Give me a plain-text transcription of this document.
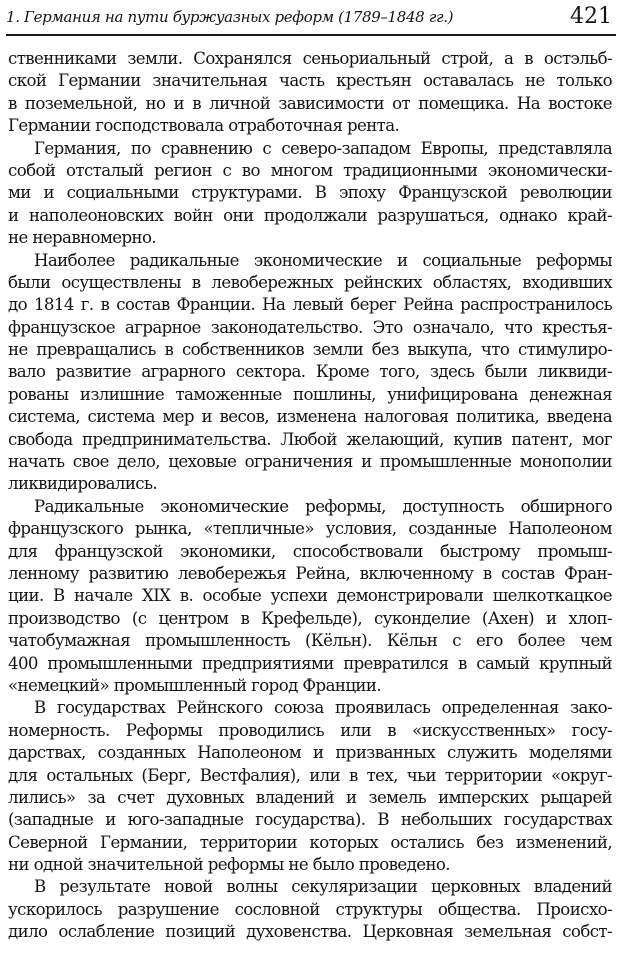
1. Германия на пути буржуазных реформ (1789–1848 гг.)	421
ственниками земли. Сохранялся сеньориальный строй, а в остэльб-
ской Германии значительная часть крестьян оставалась не только
в поземельной, но и в личной зависимости от помещика. На востоке
Германии господствовала отработочная рента.
Германия, по сравнению с северо-западом Европы, представляла
собой отсталый регион с во многом традиционными экономически-
ми и социальными структурами. В эпоху Французской революции
и наполеоновских войн они продолжали разрушаться, однако край-
не неравномерно.
Наиболее радикальные экономические и социальные реформы
были осуществлены в левобережных рейнских областях, входивших
до 1814 г. в состав Франции. На левый берег Рейна распространилось
французское аграрное законодательство. Это означало, что крестья-
не превращались в собственников земли без выкупа, что стимулиро-
вало развитие аграрного сектора. Кроме того, здесь были ликвиди-
рованы излишние таможенные пошлины, унифицирована денежная
система, система мер и весов, изменена налоговая политика, введена
свобода предпринимательства. Любой желающий, купив патент, мог
начать свое дело, цеховые ограничения и промышленные монополии
ликвидировались.
Радикальные экономические реформы, доступность обширного
французского рынка, «тепличные» условия, созданные Наполеоном
для французской экономики, способствовали быстрому промыш-
ленному развитию левобережья Рейна, включенному в состав Фран-
ции. В начале XIX в. особые успехи демонстрировали шелкоткацкое
производство (с центром в Крефельде), суконделие (Ахен) и хлоп-
чатобумажная промышленность (Кёльн). Кёльн с его более чем
400 промышленными предприятиями превратился в самый крупный
«немецкий» промышленный город Франции.
В государствах Рейнского союза проявилась определенная зако-
номерность. Реформы проводились или в «искусственных» госу-
дарствах, созданных Наполеоном и призванных служить моделями
для остальных (Берг, Вестфалия), или в тех, чьи территории «округ-
лились» за счет духовных владений и земель имперских рыцарей
(западные и юго-западные государства). В небольших государствах
Северной Германии, территории которых остались без изменений,
ни одной значительной реформы не было проведено.
В результате новой волны секуляризации церковных владений
ускорилось разрушение сословной структуры общества. Происхо-
дило ослабление позиций духовенства. Церковная земельная собст-
